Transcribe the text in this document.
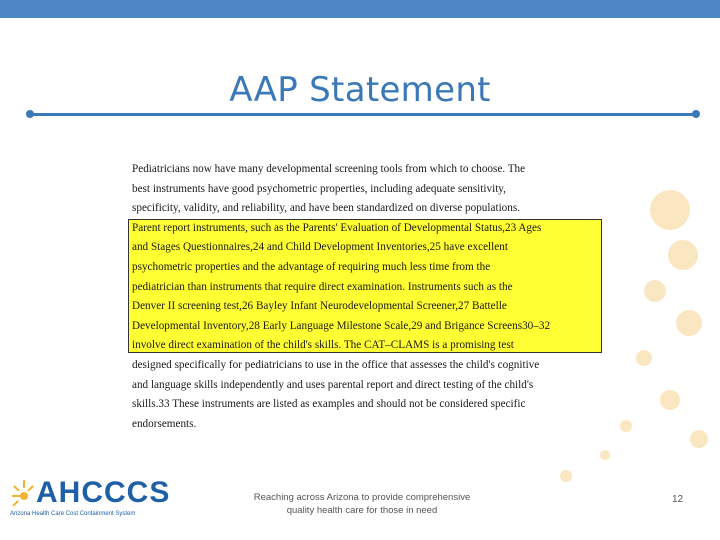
AAP Statement
Pediatricians now have many developmental screening tools from which to choose. The
best instruments have good psychometric properties, including adequate sensitivity,
specificity, validity, and reliability, and have been standardized on diverse populations.
Parent report instruments, such as the Parents' Evaluation of Developmental Status,23 Ages
and Stages Questionnaires,24 and Child Development Inventories,25 have excellent
psychometric properties and the advantage of requiring much less time from the
pediatrician than instruments that require direct examination. Instruments such as the
Denver II screening test,26 Bayley Infant Neurodevelopmental Screener,27 Battelle
Developmental Inventory,28 Early Language Milestone Scale,29 and Brigance Screens30–32
involve direct examination of the child's skills. The CAT–CLAMS is a promising test
designed specifically for pediatricians to use in the office that assesses the child's cognitive
and language skills independently and uses parental report and direct testing of the child's
skills.33 These instruments are listed as examples and should not be considered specific
endorsements.
AHCCCS
Arizona Health Care Cost Containment System
Reaching across Arizona to provide comprehensive
quality health care for those in need
12
